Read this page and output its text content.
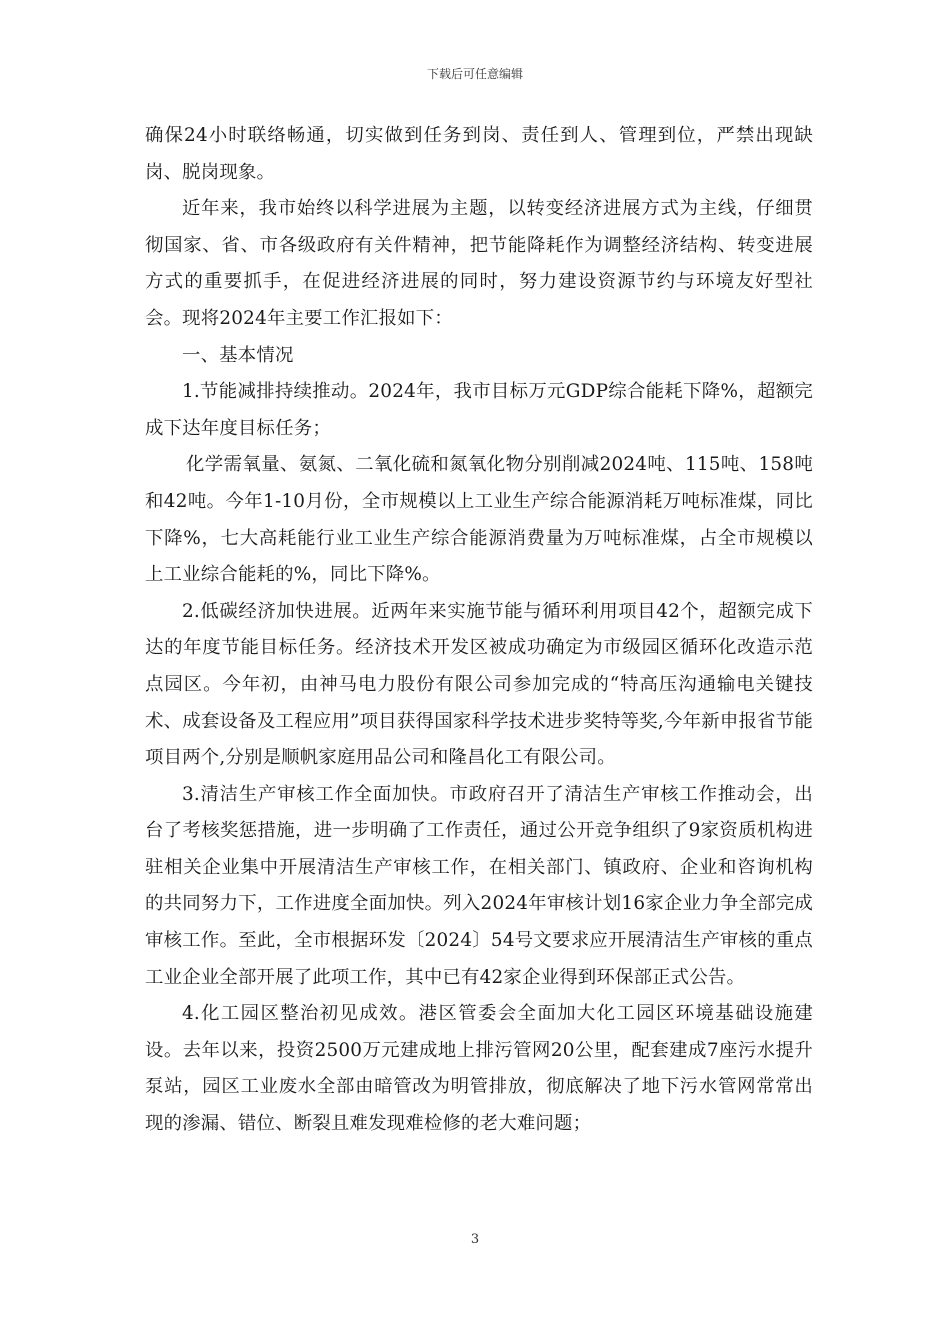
下载后可任意编辑

确保24小时联络畅通，切实做到任务到岗、责任到人、管理到位，严禁出现缺岗、脱岗现象。

近年来，我市始终以科学进展为主题，以转变经济进展方式为主线，仔细贯彻国家、省、市各级政府有关件精神，把节能降耗作为调整经济结构、转变进展方式的重要抓手，在促进经济进展的同时，努力建设资源节约与环境友好型社会。现将2024年主要工作汇报如下：

一、基本情况

1.节能减排持续推动。2024年，我市目标万元GDP综合能耗下降%，超额完成下达年度目标任务；

化学需氧量、氨氮、二氧化硫和氮氧化物分别削减2024吨、115吨、158吨和42吨。今年1-10月份，全市规模以上工业生产综合能源消耗万吨标准煤，同比下降%，七大高耗能行业工业生产综合能源消费量为万吨标准煤，占全市规模以上工业综合能耗的%，同比下降%。

2.低碳经济加快进展。近两年来实施节能与循环利用项目42个，超额完成下达的年度节能目标任务。经济技术开发区被成功确定为市级园区循环化改造示范点园区。今年初，由神马电力股份有限公司参加完成的“特高压沟通输电关键技术、成套设备及工程应用”项目获得国家科学技术进步奖特等奖,今年新申报省节能项目两个,分别是顺帆家庭用品公司和隆昌化工有限公司。

3.清洁生产审核工作全面加快。市政府召开了清洁生产审核工作推动会，出台了考核奖惩措施，进一步明确了工作责任，通过公开竞争组织了9家资质机构进驻相关企业集中开展清洁生产审核工作，在相关部门、镇政府、企业和咨询机构的共同努力下，工作进度全面加快。列入2024年审核计划16家企业力争全部完成审核工作。至此，全市根据环发〔2024〕54号文要求应开展清洁生产审核的重点工业企业全部开展了此项工作，其中已有42家企业得到环保部正式公告。

4.化工园区整治初见成效。港区管委会全面加大化工园区环境基础设施建设。去年以来，投资2500万元建成地上排污管网20公里，配套建成7座污水提升泵站，园区工业废水全部由暗管改为明管排放，彻底解决了地下污水管网常常出现的渗漏、错位、断裂且难发现难检修的老大难问题；

3
